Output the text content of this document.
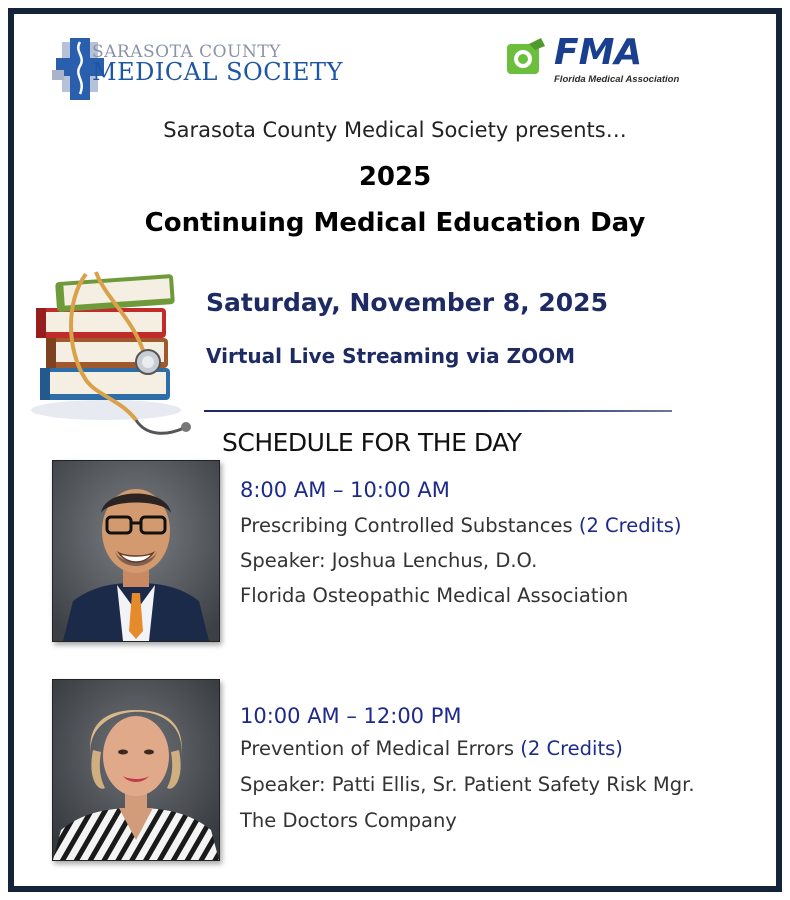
SARASOTA COUNTY
MEDICAL SOCIETY	FMA
Florida Medical Association
Sarasota County Medical Society presents…
2025
Continuing Medical Education Day
Saturday, November 8, 2025
Virtual Live Streaming via ZOOM
SCHEDULE FOR THE DAY
8:00 AM – 10:00 AM
Prescribing Controlled Substances (2 Credits)
Speaker: Joshua Lenchus, D.O.
Florida Osteopathic Medical Association
10:00 AM – 12:00 PM
Prevention of Medical Errors (2 Credits)
Speaker: Patti Ellis, Sr. Patient Safety Risk Mgr.
The Doctors Company
